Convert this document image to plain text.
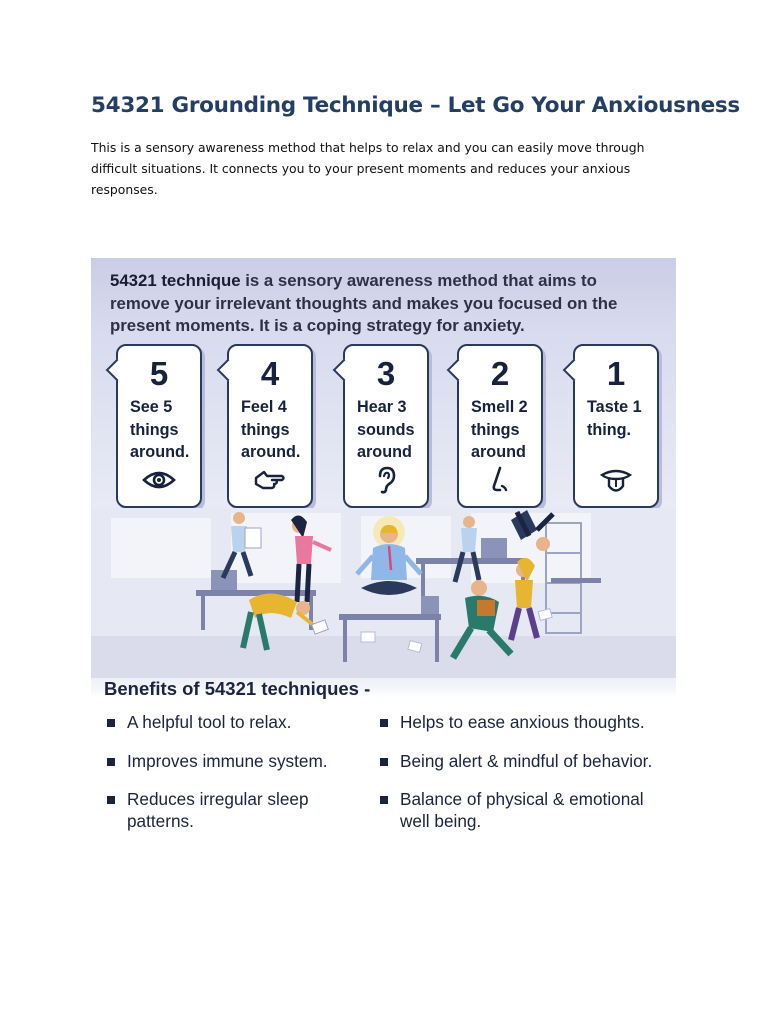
54321 Grounding Technique – Let Go Your Anxiousness

This is a sensory awareness method that helps to relax and you can easily move through difficult situations. It connects you to your present moments and reduces your anxious responses.

54321 technique is a sensory awareness method that aims to remove your irrelevant thoughts and makes you focused on the present moments. It is a coping strategy for anxiety.

5
See 5
things
around.
4
Feel 4
things
around.
3
Hear 3
sounds
around
2
Smell 2
things
around
1
Taste 1
thing.
Benefits of 54321 techniques -
A helpful tool to relax.	Helps to ease anxious thoughts.
Improves immune system.	Being alert & mindful of behavior.
Reduces irregular sleep
patterns.
Balance of physical & emotional
well being.
